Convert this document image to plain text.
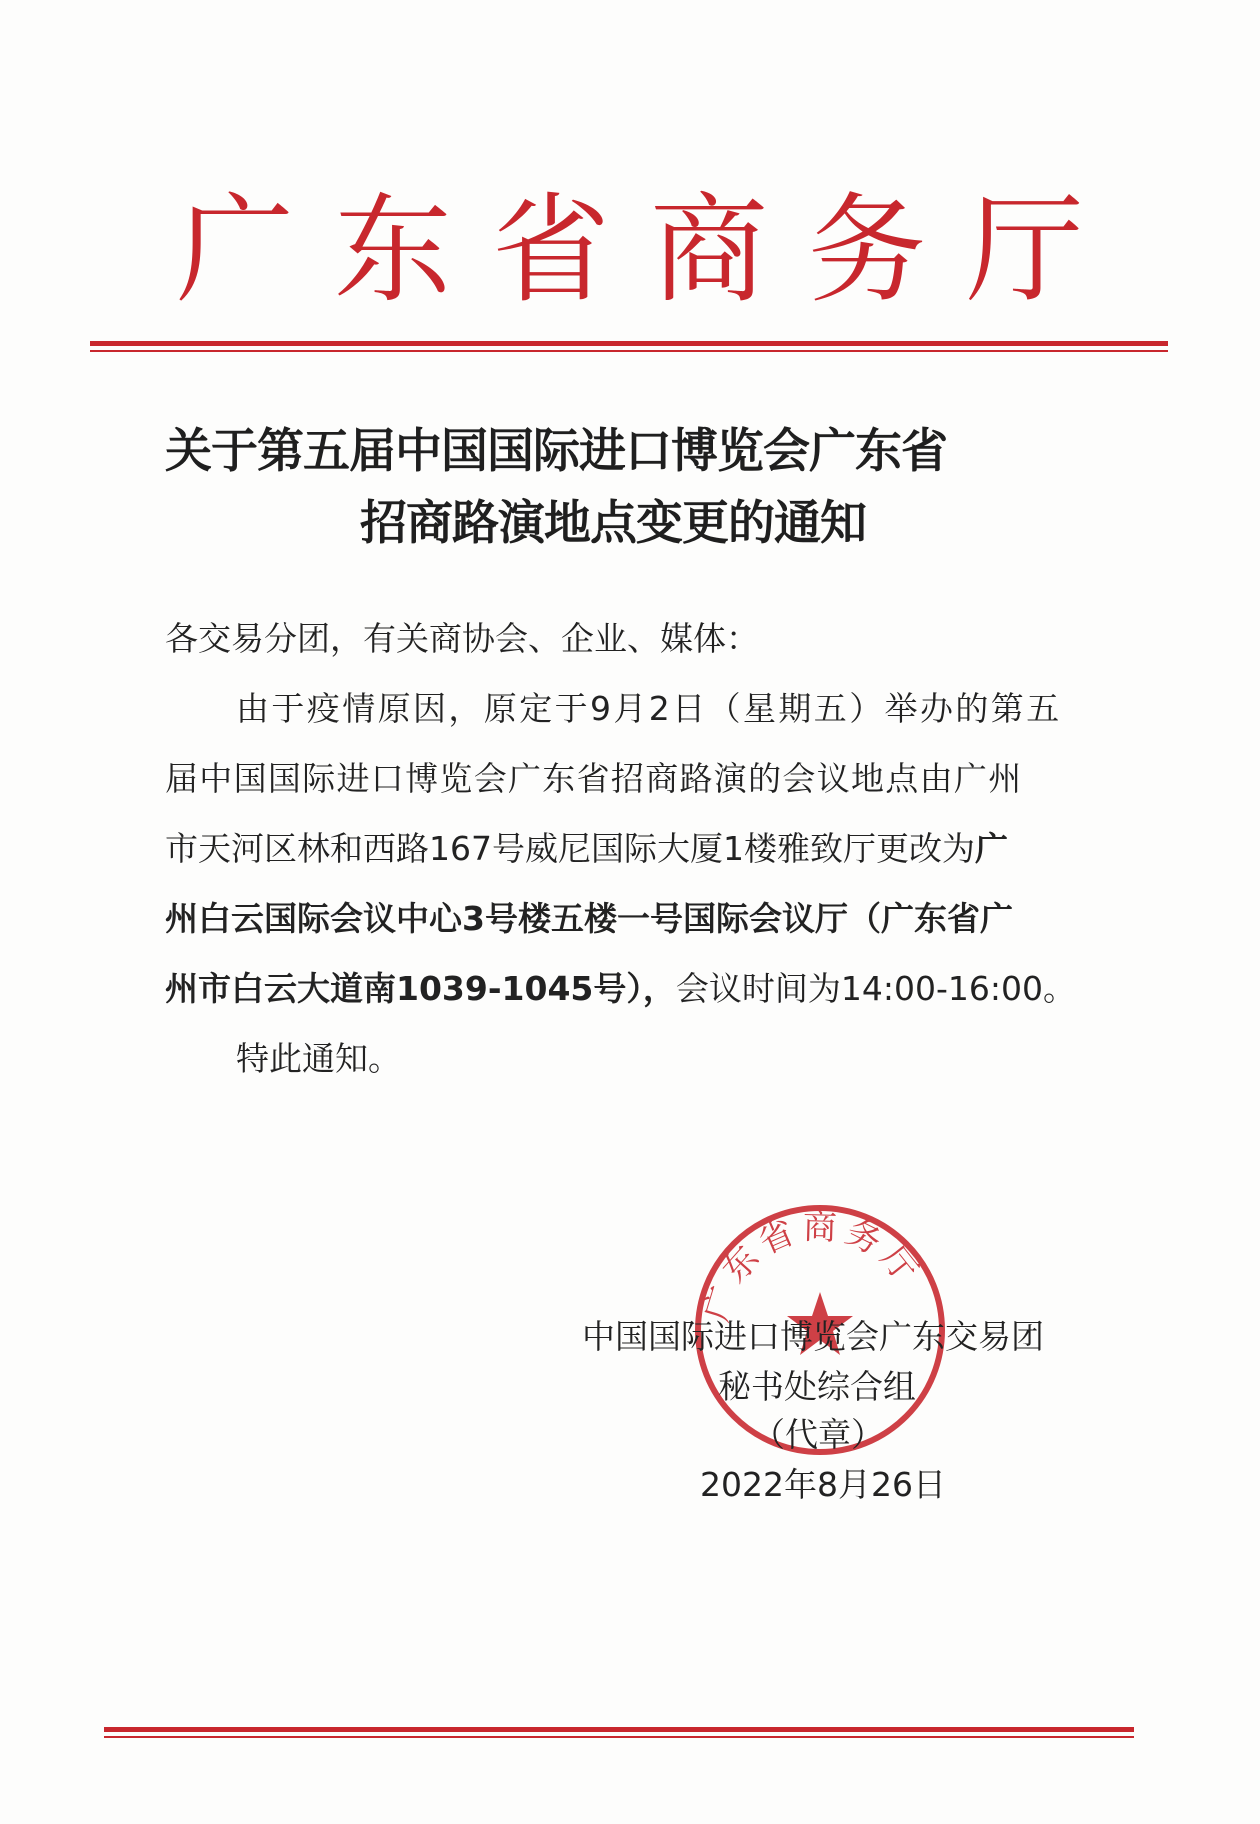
广 东 省 商 务 厅
关于第五届中国国际进口博览会广东省
招商路演地点变更的通知
各交易分团，有关商协会、企业、媒体：
由于疫情原因，原定于9月2日（星期五）举办的第五
届中国国际进口博览会广东省招商路演的会议地点由广州
市天河区林和西路167号威尼国际大厦1楼雅致厅更改为广
州白云国际会议中心3号楼五楼一号国际会议厅（广东省广
州市白云大道南1039-1045号），会议时间为14:00-16:00。
特此通知。
广东省商务厅
中国国际进口博览会广东交易团
秘书处综合组
（代章）
2022年8月26日
